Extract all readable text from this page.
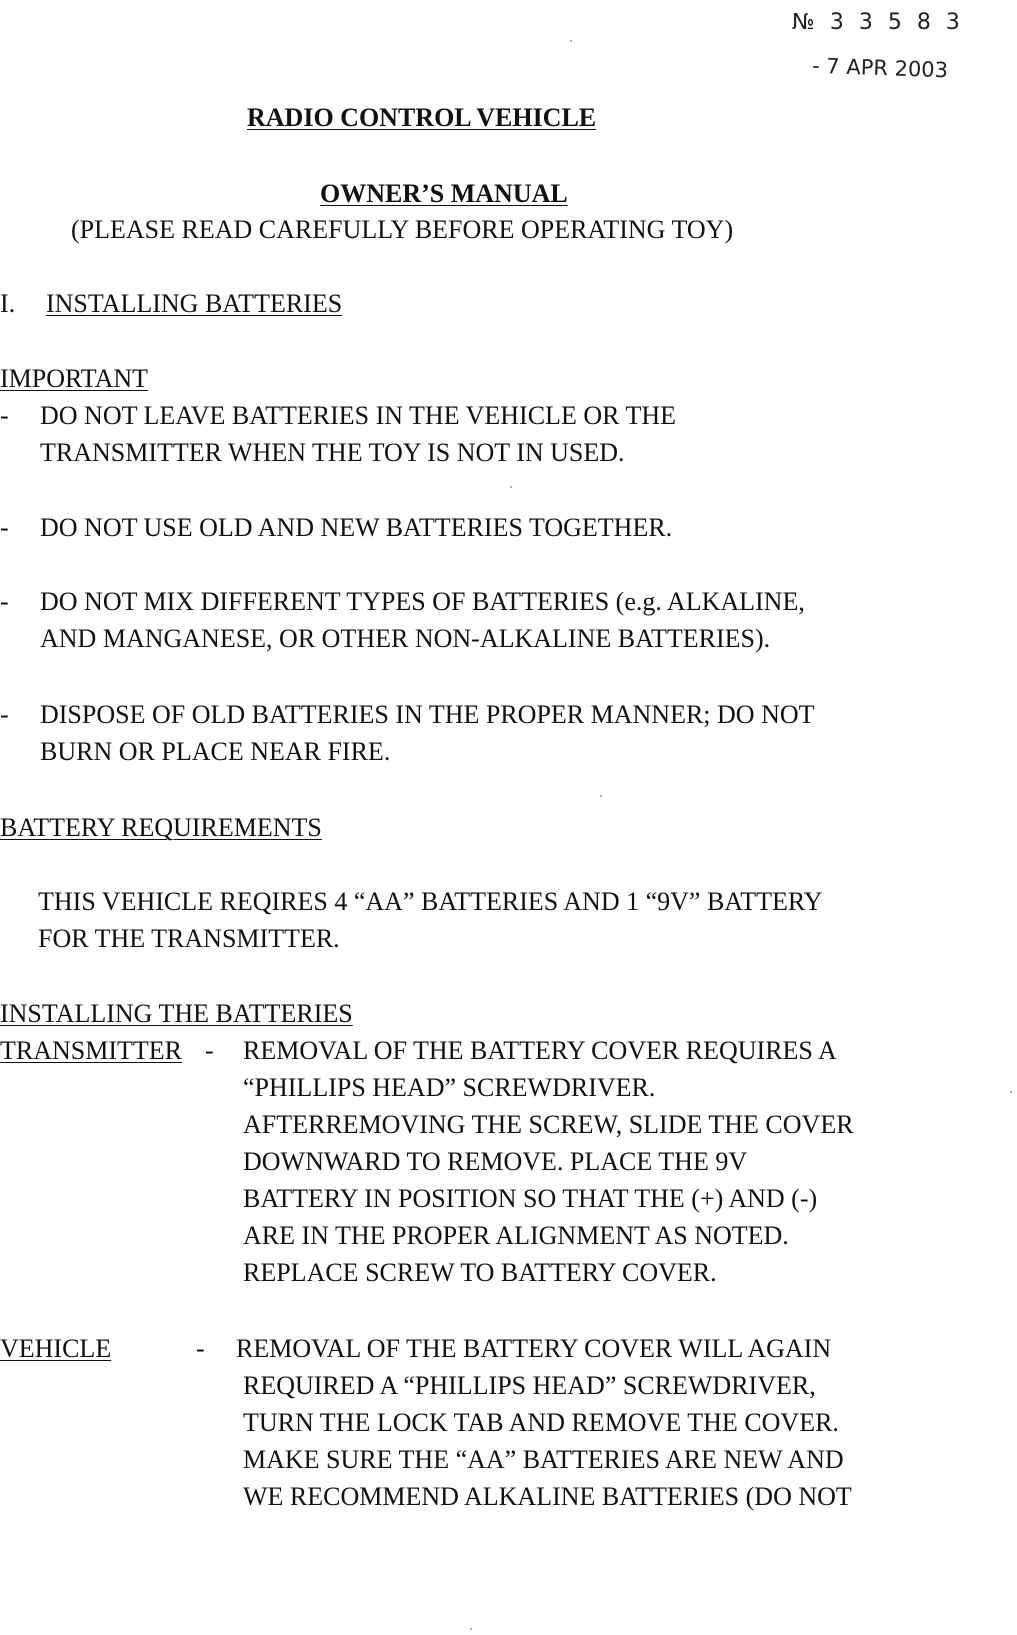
№ 3 3 5 8 3
- 7 APR 2003
RADIO CONTROL VEHICLE
OWNER’S MANUAL
(PLEASE READ CAREFULLY BEFORE OPERATING TOY)
I. INSTALLING BATTERIES
IMPORTANT
- DO NOT LEAVE BATTERIES IN THE VEHICLE OR THE
TRANSMITTER WHEN THE TOY IS NOT IN USED.
- DO NOT USE OLD AND NEW BATTERIES TOGETHER.
- DO NOT MIX DIFFERENT TYPES OF BATTERIES (e.g. ALKALINE,
AND MANGANESE, OR OTHER NON-ALKALINE BATTERIES).
- DISPOSE OF OLD BATTERIES IN THE PROPER MANNER; DO NOT
BURN OR PLACE NEAR FIRE.
BATTERY REQUIREMENTS
THIS VEHICLE REQIRES 4 “AA” BATTERIES AND 1 “9V” BATTERY
FOR THE TRANSMITTER.
INSTALLING THE BATTERIES
TRANSMITTER - REMOVAL OF THE BATTERY COVER REQUIRES A
“PHILLIPS HEAD” SCREWDRIVER.
AFTERREMOVING THE SCREW, SLIDE THE COVER
DOWNWARD TO REMOVE. PLACE THE 9V
BATTERY IN POSITION SO THAT THE (+) AND (-)
ARE IN THE PROPER ALIGNMENT AS NOTED.
REPLACE SCREW TO BATTERY COVER.
VEHICLE	- REMOVAL OF THE BATTERY COVER WILL AGAIN
REQUIRED A “PHILLIPS HEAD” SCREWDRIVER,
TURN THE LOCK TAB AND REMOVE THE COVER.
MAKE SURE THE “AA” BATTERIES ARE NEW AND
WE RECOMMEND ALKALINE BATTERIES (DO NOT
